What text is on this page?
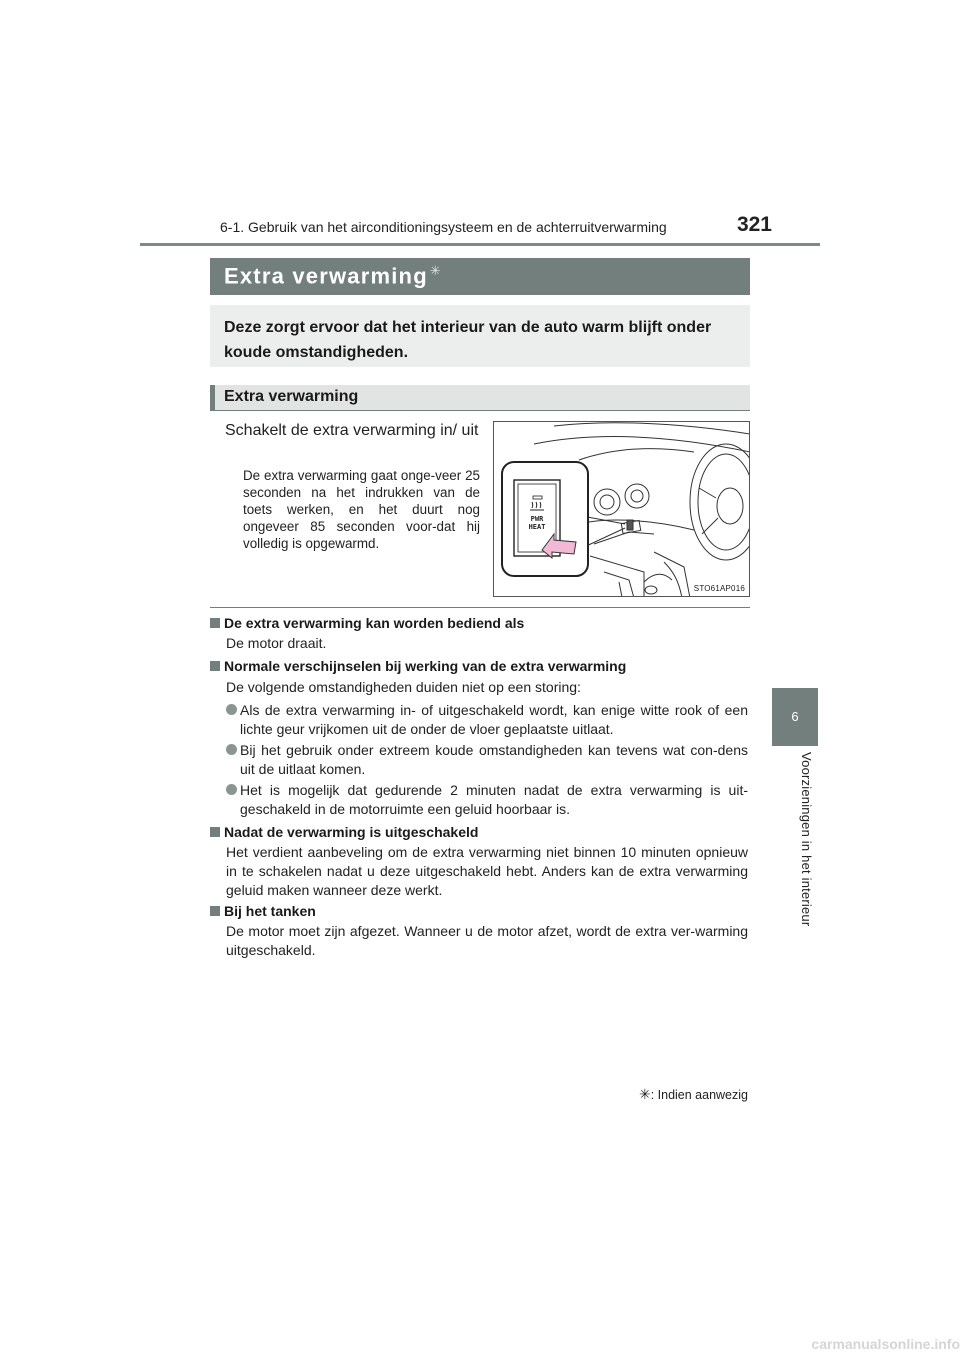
6-1. Gebruik van het airconditioningsysteem en de achterruitverwarming	321
6
Voorzieningen in het interieur
Extra verwarming ✳
Deze zorgt ervoor dat het interieur van de auto warm blijft onder koude omstandigheden.
Extra verwarming
Schakelt de extra verwarming in/ uit
De extra verwarming gaat onge-veer 25 seconden na het indrukken van de toets werken, en het duurt nog ongeveer 85 seconden voor-dat hij volledig is opgewarmd.
PWR
HEAT
STO61AP016
De extra verwarming kan worden bediend als
De motor draait.
Normale verschijnselen bij werking van de extra verwarming
De volgende omstandigheden duiden niet op een storing:
Als de extra verwarming in- of uitgeschakeld wordt, kan enige witte rook of een lichte geur vrijkomen uit de onder de vloer geplaatste uitlaat.
Bij het gebruik onder extreem koude omstandigheden kan tevens wat con-dens uit de uitlaat komen.
Het is mogelijk dat gedurende 2 minuten nadat de extra verwarming is uit-geschakeld in de motorruimte een geluid hoorbaar is.
Nadat de verwarming is uitgeschakeld
Het verdient aanbeveling om de extra verwarming niet binnen 10 minuten opnieuw in te schakelen nadat u deze uitgeschakeld hebt. Anders kan de extra verwarming geluid maken wanneer deze werkt.
Bij het tanken
De motor moet zijn afgezet. Wanneer u de motor afzet, wordt de extra ver-warming uitgeschakeld.
✳: Indien aanwezig
carmanualsonline.info
